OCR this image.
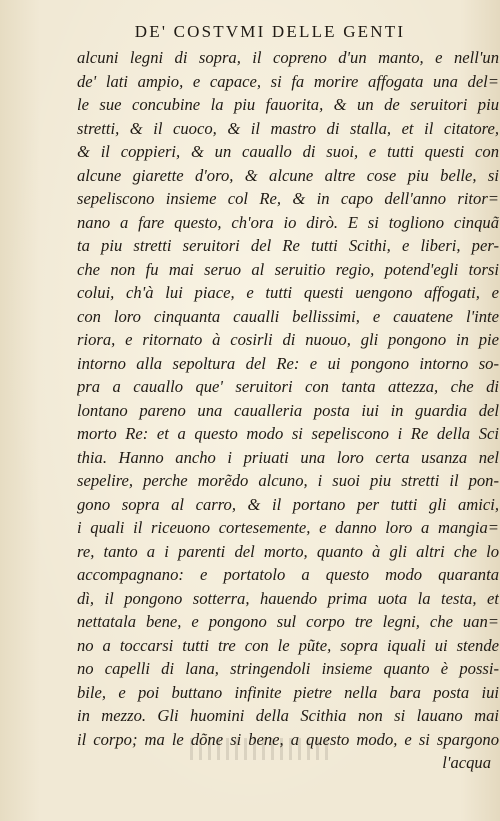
DE' COSTVMI DELLE GENTI
alcuni legni di sopra, il copreno d'un manto, e nell'un
de' lati ampio, e capace, si fa morire affogata una del=
le sue concubine la piu fauorita, & un de seruitori piu
stretti, & il cuoco, & il mastro di stalla, et il citatore,
& il coppieri, & un cauallo di suoi, e tutti questi con
alcune giarette d'oro, & alcune altre cose piu belle, si
sepeliscono insieme col Re, & in capo dell'anno ritor=
nano a fare questo, ch'ora io dirò. E si togliono cinquã
ta piu stretti seruitori del Re tutti Scithi, e liberi, per-
che non fu mai seruo al seruitio regio, potend'egli torsi
colui, ch'à lui piace, e tutti questi uengono affogati, e
con loro cinquanta caualli bellissimi, e cauatene l'inte
riora, e ritornato à cosirli di nuouo, gli pongono in pie
intorno alla sepoltura del Re: e ui pongono intorno so-
pra a cauallo que' seruitori con tanta attezza, che di
lontano pareno una caualleria posta iui in guardia del
morto Re: et a questo modo si sepeliscono i Re della Sci
thia. Hanno ancho i priuati una loro certa usanza nel
sepelire, perche morẽdo alcuno, i suoi piu stretti il pon-
gono sopra al carro, & il portano per tutti gli amici,
i quali il riceuono cortesemente, e danno loro a mangia=
re, tanto a i parenti del morto, quanto à gli altri che lo
accompagnano: e portatolo a questo modo quaranta
dì, il pongono sotterra, hauendo prima uota la testa, et
nettatala bene, e pongono sul corpo tre legni, che uan=
no a toccarsi tutti tre con le pũte, sopra iquali ui stende
no capelli di lana, stringendoli insieme quanto è possi-
bile, e poi buttano infinite pietre nella bara posta iui
in mezzo. Gli huomini della Scithia non si lauano mai
il corpo; ma le dõne si bene, a questo modo, e si spargono
l'acqua
